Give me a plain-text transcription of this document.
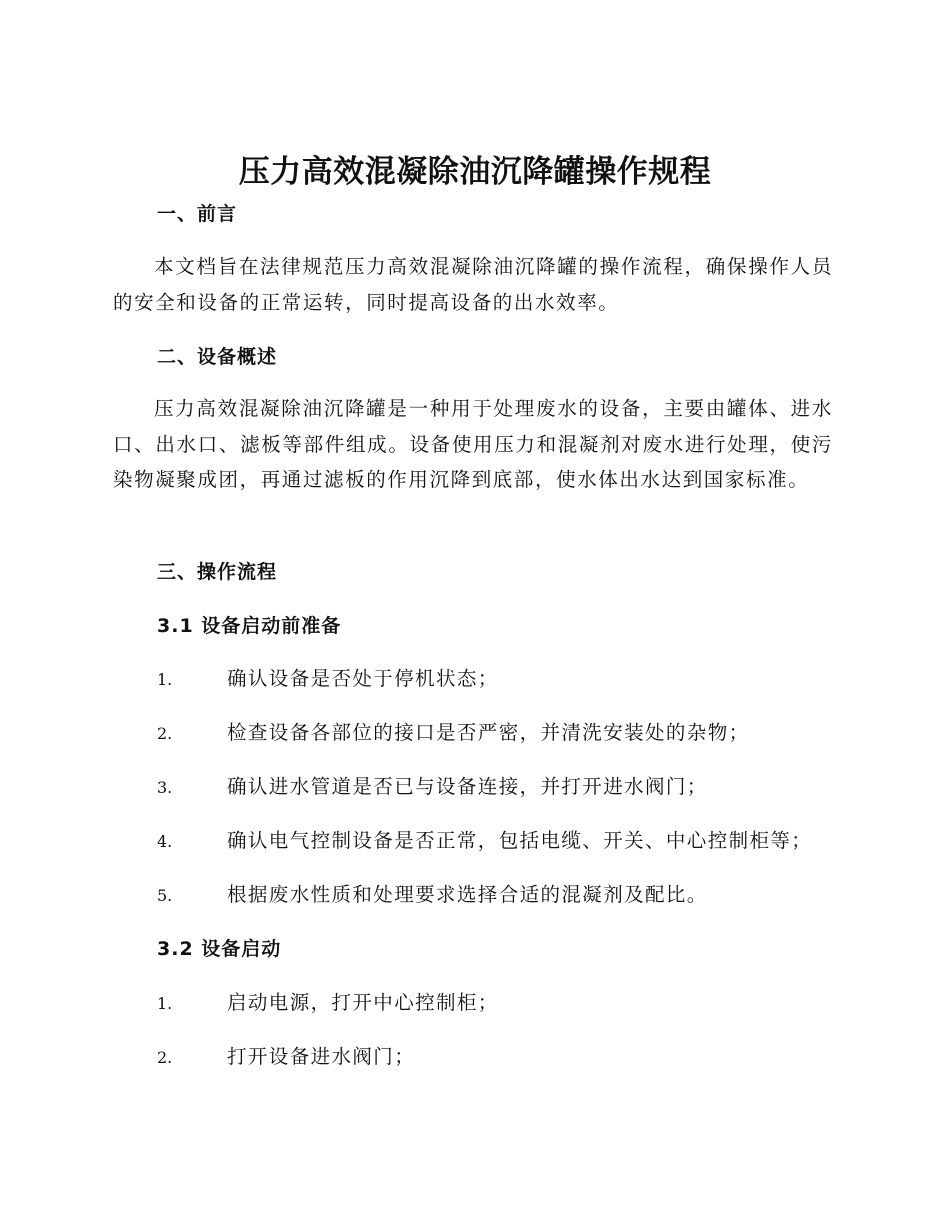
压力高效混凝除油沉降罐操作规程
一、前言

本文档旨在法律规范压力高效混凝除油沉降罐的操作流程，确保操作人员的安全和设备的正常运转，同时提高设备的出水效率。

二、设备概述

压力高效混凝除油沉降罐是一种用于处理废水的设备，主要由罐体、进水口、出水口、滤板等部件组成。设备使用压力和混凝剂对废水进行处理，使污染物凝聚成团，再通过滤板的作用沉降到底部，使水体出水达到国家标准。

三、操作流程
3.1 设备启动前准备
1.	确认设备是否处于停机状态；
2.	检查设备各部位的接口是否严密，并清洗安装处的杂物；
3.	确认进水管道是否已与设备连接，并打开进水阀门；
4.	确认电气控制设备是否正常，包括电缆、开关、中心控制柜等；
5.	根据废水性质和处理要求选择合适的混凝剂及配比。
3.2 设备启动
1.	启动电源，打开中心控制柜；
2.	打开设备进水阀门；
